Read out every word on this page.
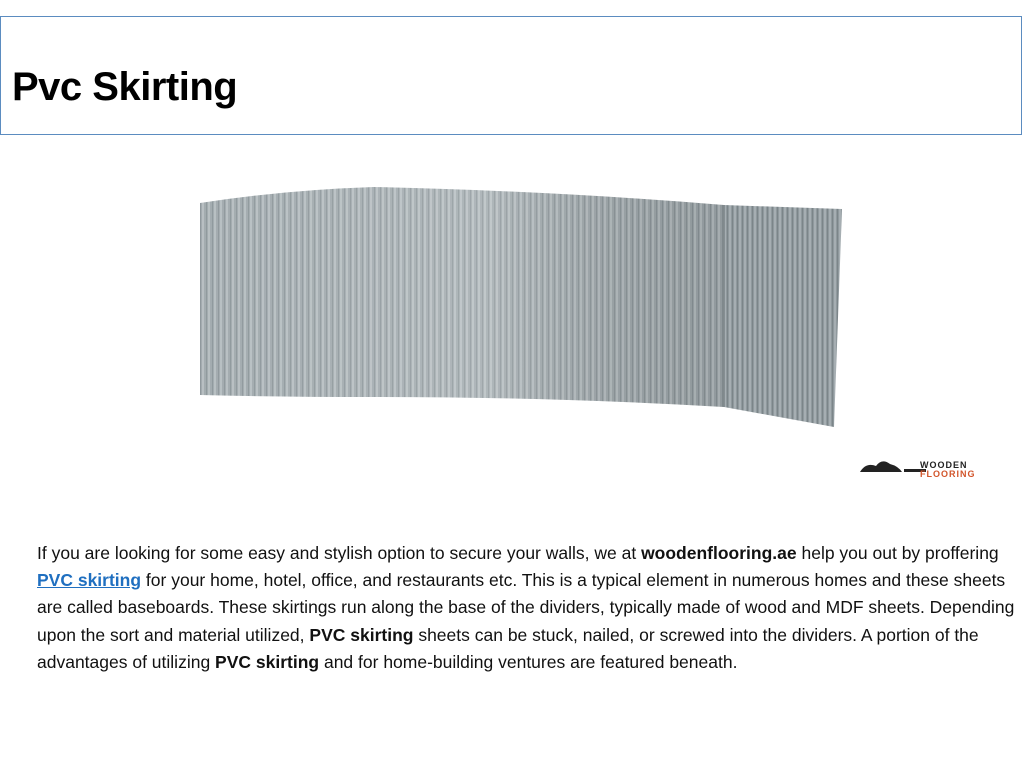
Pvc Skirting
WOODEN
FLOORING
If you are looking for some easy and stylish option to secure your walls, we at woodenflooring.ae help you out by proffering PVC skirting for your home, hotel, office, and restaurants etc. This is a typical element in numerous homes and these sheets are called baseboards. These skirtings run along the base of the dividers, typically made of wood and MDF sheets. Depending upon the sort and material utilized, PVC skirting sheets can be stuck, nailed, or screwed into the dividers. A portion of the advantages of utilizing PVC skirting and for home-building ventures are featured beneath.
